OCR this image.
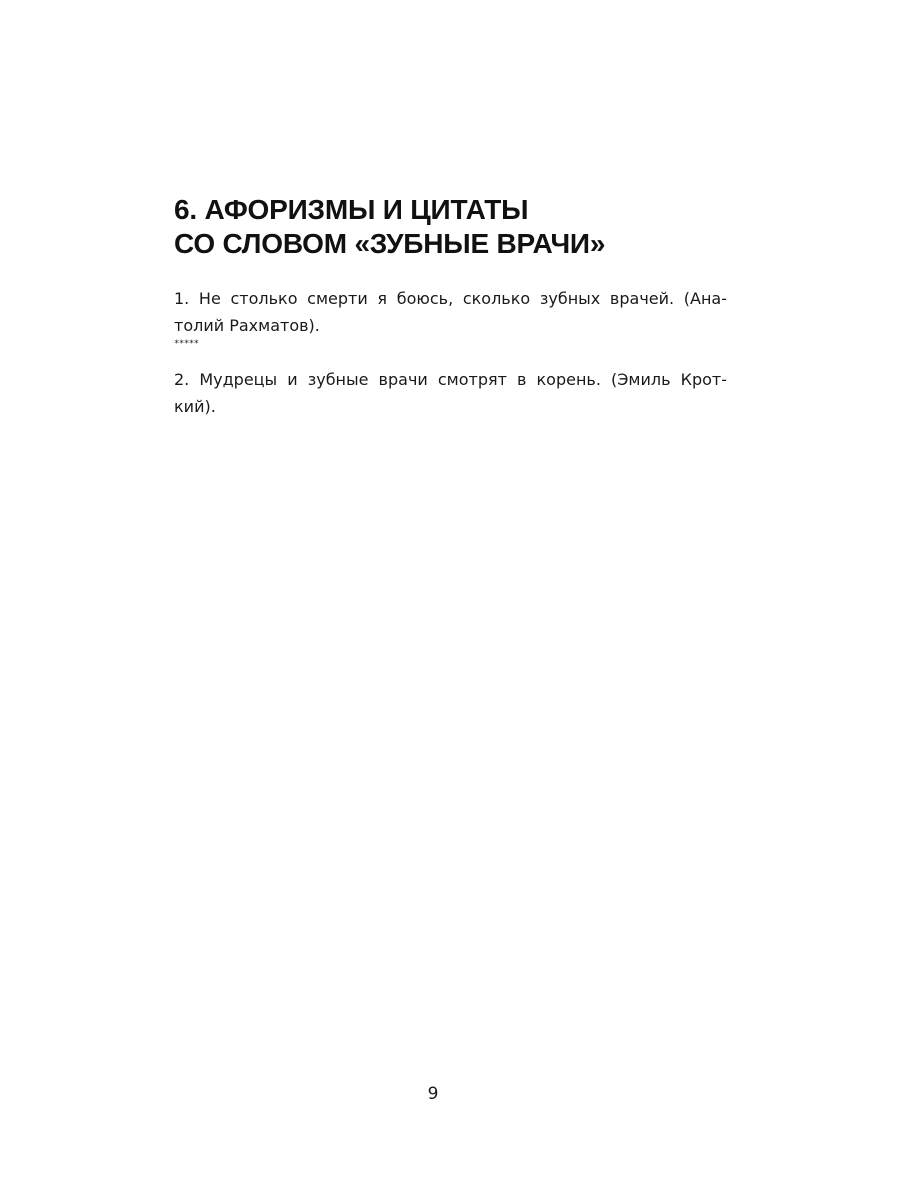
6. АФОРИЗМЫ И ЦИТАТЫ
СО СЛОВОМ «ЗУБНЫЕ ВРАЧИ»

1. Не столько смерти я боюсь, сколько зубных врачей. (Ана-
толий Рахматов).

*****

2. Мудрецы и зубные врачи смотрят в корень. (Эмиль Крот-
кий).

9
